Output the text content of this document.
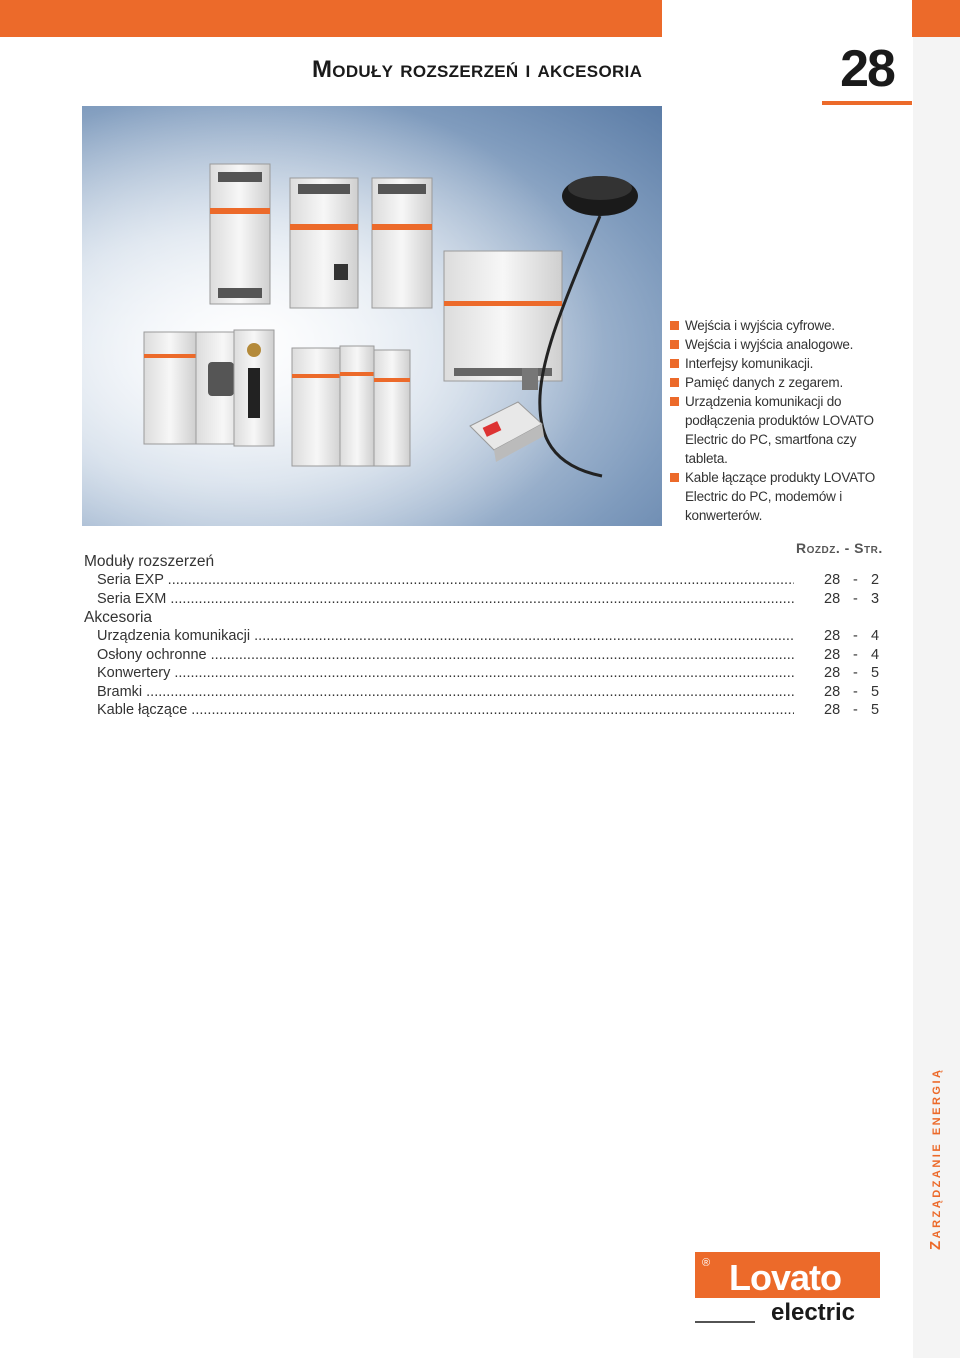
28
Moduły rozszerzeń i akcesoria
Wejścia i wyjścia cyfrowe.
Wejścia i wyjścia analogowe.
Interfejsy komunikacji.
Pamięć danych z zegarem.
Urządzenia komunikacji do podłączenia produktów LOVATO Electric do PC, smartfona czy tableta.
Kable łączące produkty LOVATO Electric do PC, modemów i konwerterów.
Rozdz. - Str.
Moduły rozszerzeń
Seria EXP .....	28 - 2
Seria EXM .....	28 - 3
Akcesoria
Urządzenia komunikacji .....	28 - 4
Osłony ochronne .....	28 - 4
Konwertery .....	28 - 5
Bramki .....	28 - 5
Kable łączące .....	28 - 5
Zarządzanie energią
® Lovato
electric
